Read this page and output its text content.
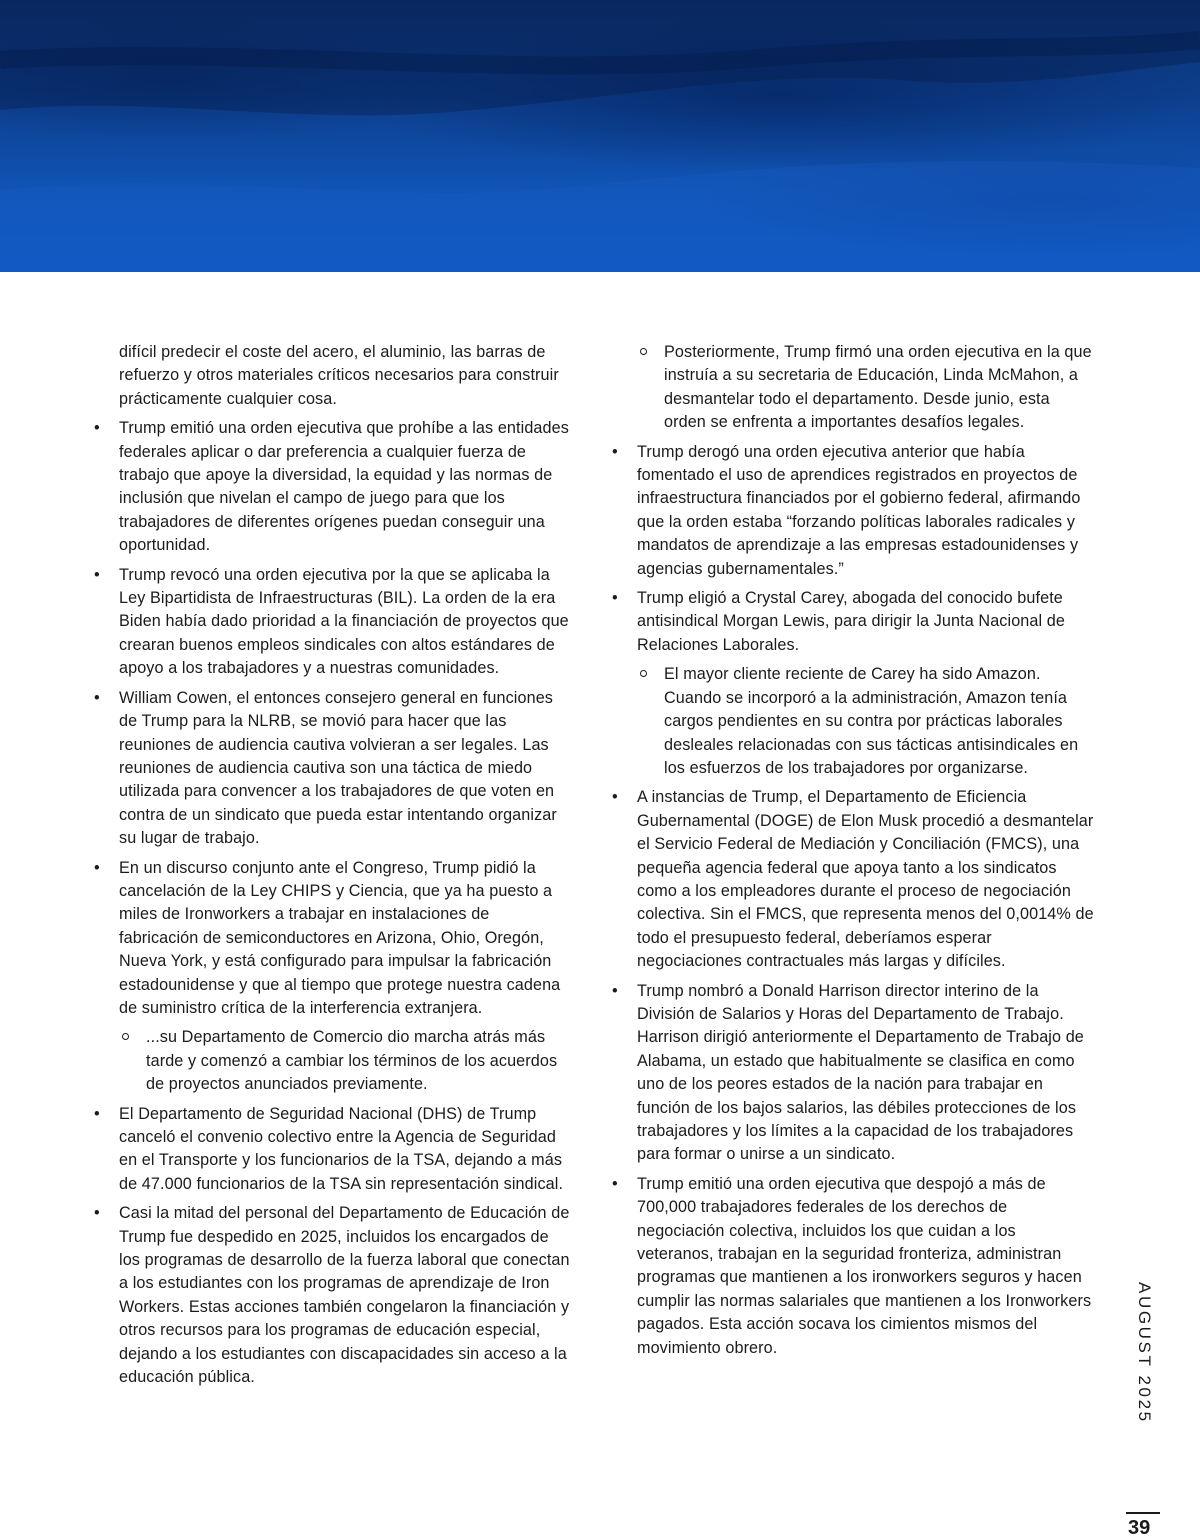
difícil predecir el coste del acero, el aluminio, las barras de refuerzo y otros materiales críticos necesarios para construir prácticamente cualquier cosa.
•	Trump emitió una orden ejecutiva que prohíbe a las entidades federales aplicar o dar preferencia a cualquier fuerza de trabajo que apoye la diversidad, la equidad y las normas de inclusión que nivelan el campo de juego para que los trabajadores de diferentes orígenes puedan conseguir una oportunidad.
•	Trump revocó una orden ejecutiva por la que se aplicaba la Ley Bipartidista de Infraestructuras (BIL). La orden de la era Biden había dado prioridad a la financiación de proyectos que crearan buenos empleos sindicales con altos estándares de apoyo a los trabajadores y a nuestras comunidades.
•	William Cowen, el entonces consejero general en funciones de Trump para la NLRB, se movió para hacer que las reuniones de audiencia cautiva volvieran a ser legales. Las reuniones de audiencia cautiva son una táctica de miedo utilizada para convencer a los trabajadores de que voten en contra de un sindicato que pueda estar intentando organizar su lugar de trabajo.
•	En un discurso conjunto ante el Congreso, Trump pidió la cancelación de la Ley CHIPS y Ciencia, que ya ha puesto a miles de Ironworkers a trabajar en instalaciones de fabricación de semiconductores en Arizona, Ohio, Oregón, Nueva York, y está configurado para impulsar la fabricación estadounidense y que al tiempo que protege nuestra cadena de suministro crítica de la interferencia extranjera.
...su Departamento de Comercio dio marcha atrás más tarde y comenzó a cambiar los términos de los acuerdos de proyectos anunciados previamente.
•	El Departamento de Seguridad Nacional (DHS) de Trump canceló el convenio colectivo entre la Agencia de Seguridad en el Transporte y los funcionarios de la TSA, dejando a más de 47.000 funcionarios de la TSA sin representación sindical.
•	Casi la mitad del personal del Departamento de Educación de Trump fue despedido en 2025, incluidos los encargados de los programas de desarrollo de la fuerza laboral que conectan a los estudiantes con los programas de aprendizaje de Iron Workers. Estas acciones también congelaron la financiación y otros recursos para los programas de educación especial, dejando a los estudiantes con discapacidades sin acceso a la educación pública.
Posteriormente, Trump firmó una orden ejecutiva en la que instruía a su secretaria de Educación, Linda McMahon, a desmantelar todo el departamento. Desde junio, esta orden se enfrenta a importantes desafíos legales.
•	Trump derogó una orden ejecutiva anterior que había fomentado el uso de aprendices registrados en proyectos de infraestructura financiados por el gobierno federal, afirmando que la orden estaba “forzando políticas laborales radicales y mandatos de aprendizaje a las empresas estadounidenses y agencias gubernamentales.”
•	Trump eligió a Crystal Carey, abogada del conocido bufete antisindical Morgan Lewis, para dirigir la Junta Nacional de Relaciones Laborales.
El mayor cliente reciente de Carey ha sido Amazon. Cuando se incorporó a la administración, Amazon tenía cargos pendientes en su contra por prácticas laborales desleales relacionadas con sus tácticas antisindicales en los esfuerzos de los trabajadores por organizarse.
•	A instancias de Trump, el Departamento de Eficiencia Gubernamental (DOGE) de Elon Musk procedió a desmantelar el Servicio Federal de Mediación y Conciliación (FMCS), una pequeña agencia federal que apoya tanto a los sindicatos como a los empleadores durante el proceso de negociación colectiva. Sin el FMCS, que representa menos del 0,0014% de todo el presupuesto federal, deberíamos esperar negociaciones contractuales más largas y difíciles.
•	Trump nombró a Donald Harrison director interino de la División de Salarios y Horas del Departamento de Trabajo. Harrison dirigió anteriormente el Departamento de Trabajo de Alabama, un estado que habitualmente se clasifica en como uno de los peores estados de la nación para trabajar en función de los bajos salarios, las débiles protecciones de los trabajadores y los límites a la capacidad de los trabajadores para formar o unirse a un sindicato.
•	Trump emitió una orden ejecutiva que despojó a más de 700,000 trabajadores federales de los derechos de negociación colectiva, incluidos los que cuidan a los veteranos, trabajan en la seguridad fronteriza, administran programas que mantienen a los ironworkers seguros y hacen cumplir las normas salariales que mantienen a los Ironworkers pagados. Esta acción socava los cimientos mismos del movimiento obrero.	AUGUST 2025
39
